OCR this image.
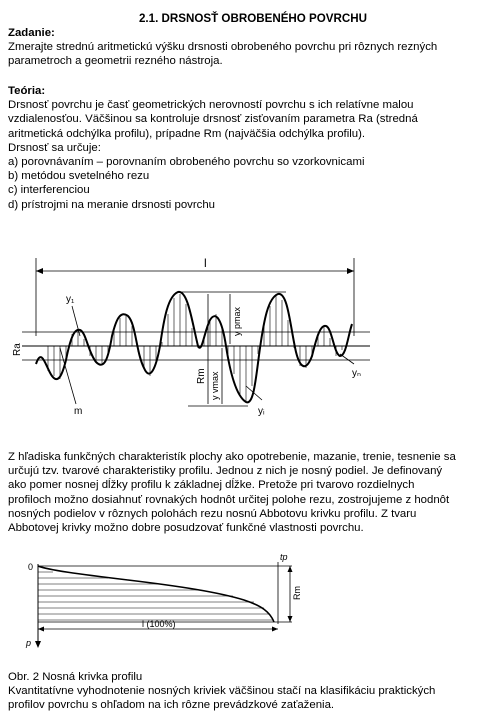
2.1. DRSNOSŤ OBROBENÉHO POVRCHU
Zadanie:
Zmerajte strednú aritmetickú výšku drsnosti obrobeného povrchu pri rôznych rezných
parametroch a geometrii rezného nástroja.
Teória:
Drsnosť povrchu je časť geometrických nerovností povrchu s ich relatívne malou
vzdialenosťou. Väčšinou sa kontroluje drsnosť zisťovaním parametra Ra (stredná
aritmetická odchýlka profilu), prípadne Rm (najväčšia odchýlka profilu).
Drsnosť sa určuje:
a) porovnávaním – porovnaním obrobeného povrchu so vzorkovnicami
b) metódou svetelného rezu
c) interferenciou
d) prístrojmi na meranie drsnosti povrchu
l
y pmax
Rm y vmax
Ra
y₁
yᵢ
yₙ
m
Z hľadiska funkčných charakteristík plochy ako opotrebenie, mazanie, trenie, tesnenie sa
určujú tzv. tvarové charakteristiky profilu. Jednou z nich je nosný podiel. Je definovaný
ako pomer nosnej dĺžky profilu k základnej dĺžke. Pretože pri tvarovo rozdielnych
profiloch možno dosiahnuť rovnakých hodnôt určitej polohe rezu, zostrojujeme z hodnôt
nosných podielov v rôznych polohách rezu nosnú Abbotovu krivku profilu. Z tvaru
Abbotovej krivky možno dobre posudzovať funkčné vlastnosti povrchu.
Rm
l (100%)
0
tp
p
Obr. 2 Nosná krivka profilu
Kvantitatívne vyhodnotenie nosných kriviek väčšinou stačí na klasifikáciu praktických
profilov povrchu s ohľadom na ich rôzne prevádzkové zaťaženia.
